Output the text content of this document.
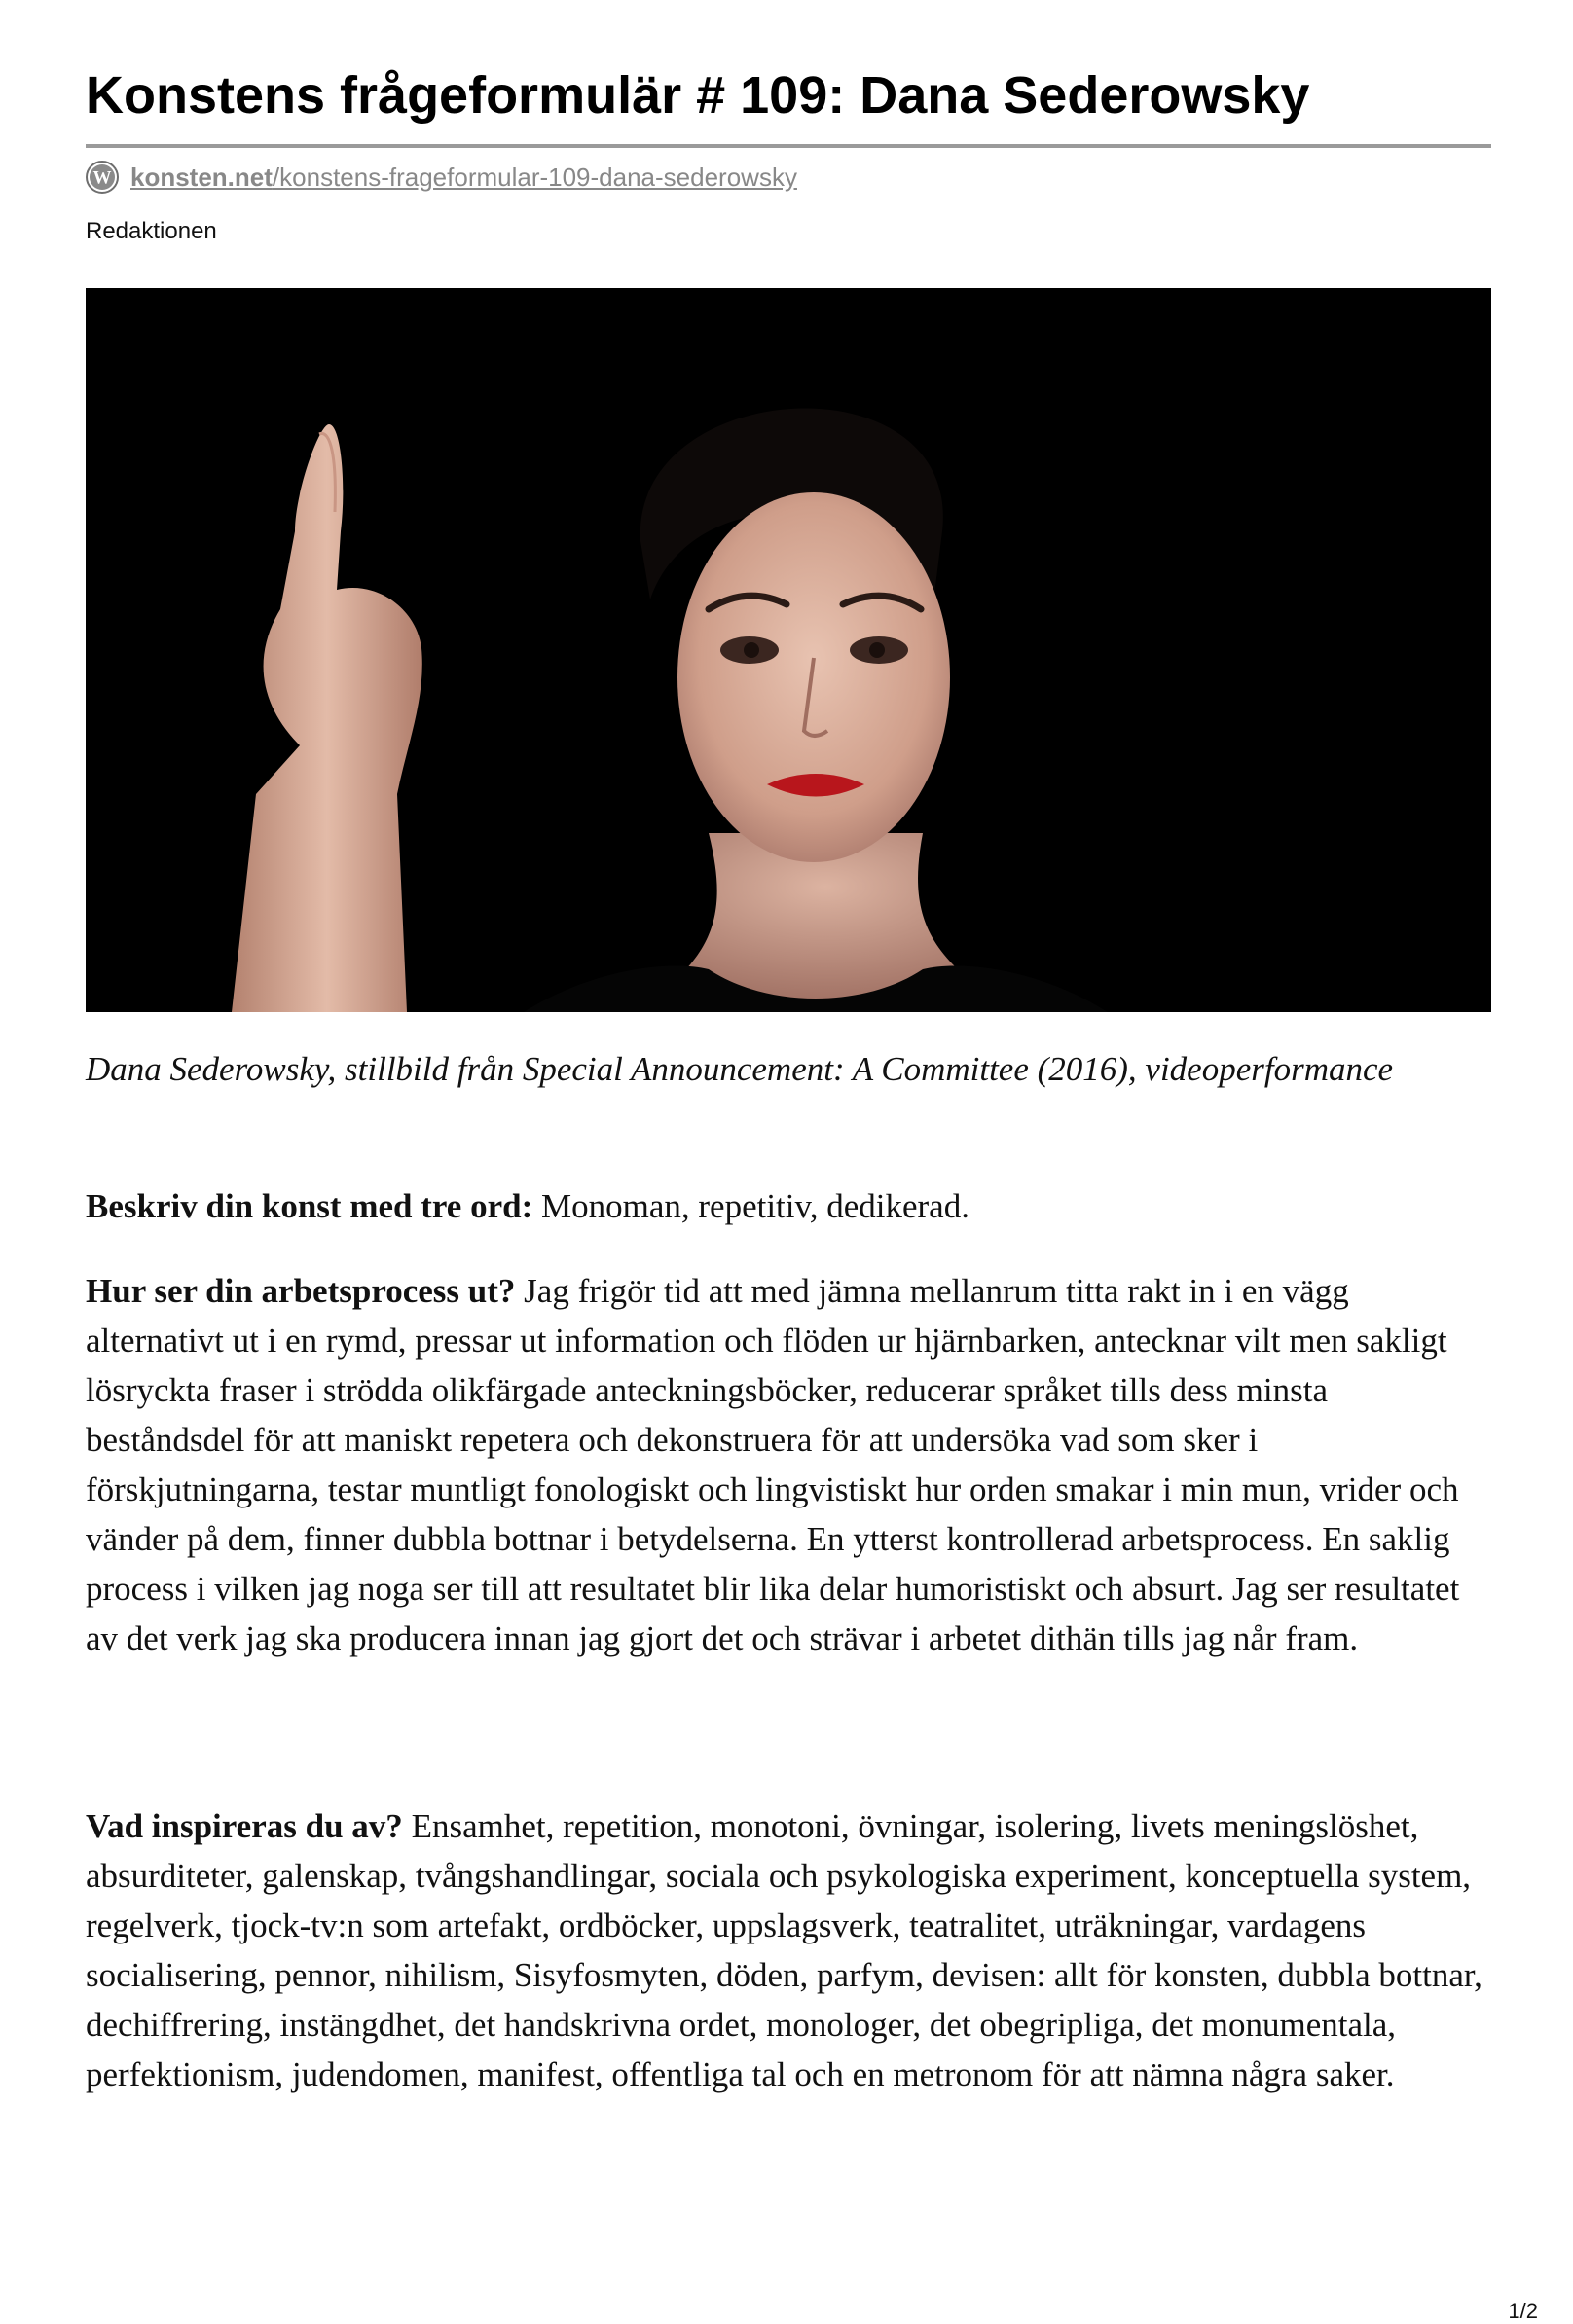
Konstens frågeformulär # 109: Dana Sederowsky
W konsten.net/konstens-frageformular-109-dana-sederowsky
Redaktionen

Dana Sederowsky, stillbild från Special Announcement: A Committee (2016), videoperformance

Beskriv din konst med tre ord: Monoman, repetitiv, dedikerad.

Hur ser din arbetsprocess ut? Jag frigör tid att med jämna mellanrum titta rakt in i en vägg alternativt ut i en rymd, pressar ut information och flöden ur hjärnbarken, antecknar vilt men sakligt lösryckta fraser i strödda olikfärgade anteckningsböcker, reducerar språket tills dess minsta beståndsdel för att maniskt repetera och dekonstruera för att undersöka vad som sker i förskjutningarna, testar muntligt fonologiskt och lingvistiskt hur orden smakar i min mun, vrider och vänder på dem, finner dubbla bottnar i betydelserna. En ytterst kontrollerad arbetsprocess. En saklig process i vilken jag noga ser till att resultatet blir lika delar humoristiskt och absurt. Jag ser resultatet av det verk jag ska producera innan jag gjort det och strävar i arbetet dithän tills jag når fram.

Vad inspireras du av? Ensamhet, repetition, monotoni, övningar, isolering, livets meningslöshet, absurditeter, galenskap, tvångshandlingar, sociala och psykologiska experiment, konceptuella system, regelverk, tjock-tv:n som artefakt, ordböcker, uppslagsverk, teatralitet, uträkningar, vardagens socialisering, pennor, nihilism, Sisyfosmyten, döden, parfym, devisen: allt för konsten, dubbla bottnar, dechiffrering, instängdhet, det handskrivna ordet, monologer, det obegripliga, det monumentala, perfektionism, judendomen, manifest, offentliga tal och en metronom för att nämna några saker.

1/2
